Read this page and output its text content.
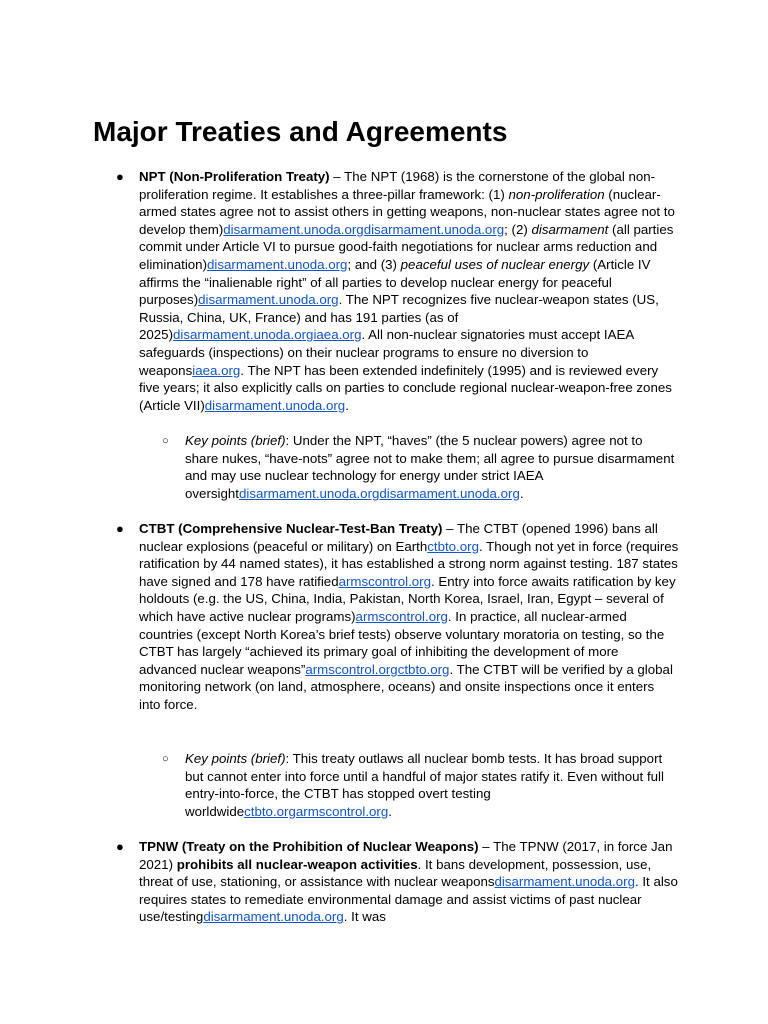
Major Treaties and Agreements
● NPT (Non-Proliferation Treaty) – The NPT (1968) is the cornerstone of the global non-proliferation regime. It establishes a three-pillar framework: (1) non-proliferation (nuclear-armed states agree not to assist others in getting weapons, non-nuclear states agree not to develop them)disarmament.unoda.orgdisarmament.unoda.org; (2) disarmament (all parties commit under Article VI to pursue good-faith negotiations for nuclear arms reduction and elimination)disarmament.unoda.org; and (3) peaceful uses of nuclear energy (Article IV affirms the “inalienable right” of all parties to develop nuclear energy for peaceful purposes)disarmament.unoda.org. The NPT recognizes five nuclear-weapon states (US, Russia, China, UK, France) and has 191 parties (as of 2025)disarmament.unoda.orgiaea.org. All non-nuclear signatories must accept IAEA safeguards (inspections) on their nuclear programs to ensure no diversion to weaponsiaea.org. The NPT has been extended indefinitely (1995) and is reviewed every five years; it also explicitly calls on parties to conclude regional nuclear-weapon-free zones (Article VII)disarmament.unoda.org.

○ Key points (brief): Under the NPT, “haves” (the 5 nuclear powers) agree not to share nukes, “have-nots” agree not to make them; all agree to pursue disarmament and may use nuclear technology for energy under strict IAEA oversightdisarmament.unoda.orgdisarmament.unoda.org.

● CTBT (Comprehensive Nuclear-Test-Ban Treaty) – The CTBT (opened 1996) bans all nuclear explosions (peaceful or military) on Earthctbto.org. Though not yet in force (requires ratification by 44 named states), it has established a strong norm against testing. 187 states have signed and 178 have ratifiedarmscontrol.org. Entry into force awaits ratification by key holdouts (e.g. the US, China, India, Pakistan, North Korea, Israel, Iran, Egypt – several of which have active nuclear programs)armscontrol.org. In practice, all nuclear-armed countries (except North Korea’s brief tests) observe voluntary moratoria on testing, so the CTBT has largely “achieved its primary goal of inhibiting the development of more advanced nuclear weapons”armscontrol.orgctbto.org. The CTBT will be verified by a global monitoring network (on land, atmosphere, oceans) and onsite inspections once it enters into force.

○ Key points (brief): This treaty outlaws all nuclear bomb tests. It has broad support but cannot enter into force until a handful of major states ratify it. Even without full entry-into-force, the CTBT has stopped overt testing worldwidectbto.orgarmscontrol.org.

● TPNW (Treaty on the Prohibition of Nuclear Weapons) – The TPNW (2017, in force Jan 2021) prohibits all nuclear-weapon activities. It bans development, possession, use, threat of use, stationing, or assistance with nuclear weaponsdisarmament.unoda.org. It also requires states to remediate environmental damage and assist victims of past nuclear use/testingdisarmament.unoda.org. It was
